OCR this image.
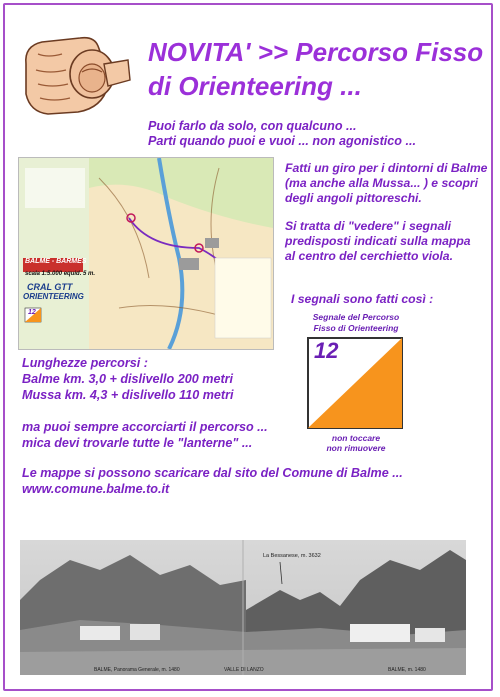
NOVITA' >> Percorso Fisso
di Orienteering ...
Puoi farlo da solo, con qualcuno ...
Parti quando puoi e vuoi ... non agonistico ...
BALME - BARMES
scala 1:5.000 equid. 5 m.
CRAL GTT
ORIENTEERING
12
Fatti un giro per i dintorni di Balme
(ma anche alla Mussa... ) e scopri
degli angoli pittoreschi.
Si tratta di "vedere" i segnali
predisposti indicati sulla mappa
al centro del cerchietto viola.
I segnali sono fatti così :
Segnale del Percorso
Fisso di Orienteering
12
non toccare
non rimuovere
Lunghezze percorsi :
Balme km. 3,0 + dislivello 200 metri
Mussa km. 4,3 + dislivello 110 metri
ma puoi sempre accorciarti il percorso ...
mica devi trovarle tutte le "lanterne" ...
Le mappe si possono scaricare dal sito del Comune di Balme ...
www.comune.balme.to.it
La Bessanese, m. 3632
BALME, Panorama Generale, m. 1480	VALLE DI LANZO	BALME, m. 1480
